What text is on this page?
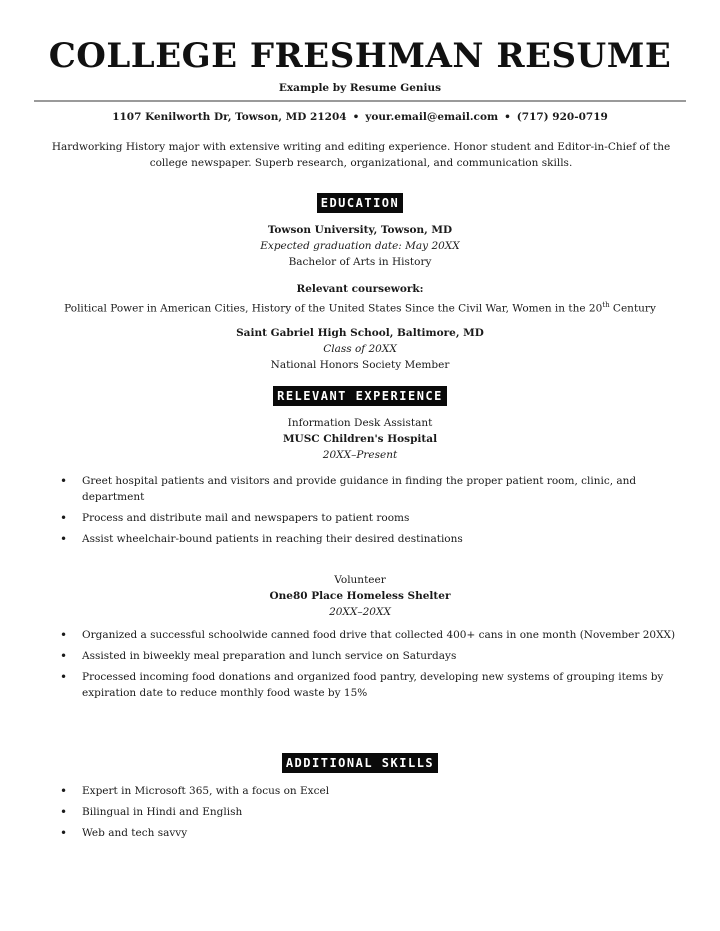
COLLEGE FRESHMAN RESUME
Example by Resume Genius
1107 Kenilworth Dr, Towson, MD 21204 • your.email@email.com • (717) 920-0719
Hardworking History major with extensive writing and editing experience. Honor student and Editor-in-Chief of the college newspaper. Superb research, organizational, and communication skills.
EDUCATION
Towson University, Towson, MD
Expected graduation date: May 20XX
Bachelor of Arts in History
Relevant coursework:
Political Power in American Cities, History of the United States Since the Civil War, Women in the 20th Century
Saint Gabriel High School, Baltimore, MD
Class of 20XX
National Honors Society Member
RELEVANT EXPERIENCE
Information Desk Assistant
MUSC Children's Hospital
20XX–Present
• Greet hospital patients and visitors and provide guidance in finding the proper patient room, clinic, and department
• Process and distribute mail and newspapers to patient rooms
• Assist wheelchair-bound patients in reaching their desired destinations
Volunteer
One80 Place Homeless Shelter
20XX–20XX
• Organized a successful schoolwide canned food drive that collected 400+ cans in one month (November 20XX)
• Assisted in biweekly meal preparation and lunch service on Saturdays
• Processed incoming food donations and organized food pantry, developing new systems of grouping items by expiration date to reduce monthly food waste by 15%
ADDITIONAL SKILLS
• Expert in Microsoft 365, with a focus on Excel
• Bilingual in Hindi and English
• Web and tech savvy
